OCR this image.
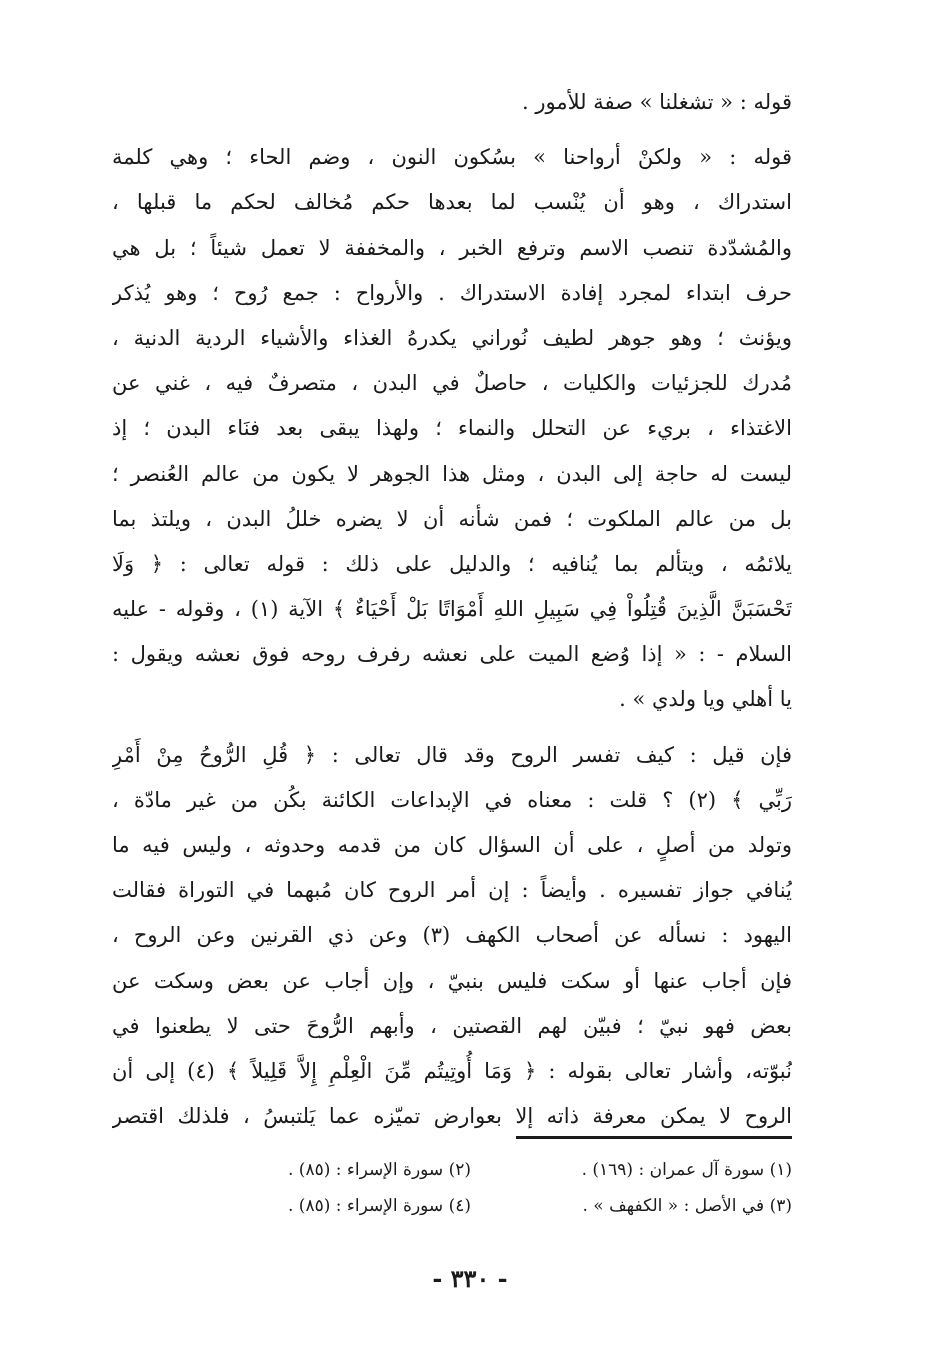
قوله : « تشغلنا » صفة للأمور .
قوله : « ولكنْ أرواحنا » بسُكون النون ، وضم الحاء ؛ وهي كلمة
استدراك ، وهو أن يُنْسب لما بعدها حكم مُخالف لحكم ما قبلها ،
والمُشدّدة تنصب الاسم وترفع الخبر ، والمخففة لا تعمل شيئاً ؛ بل هي
حرف ابتداء لمجرد إفادة الاستدراك . والأرواح : جمع رُوح ؛ وهو يُذكر
ويؤنث ؛ وهو جوهر لطيف نُوراني يكدرهُ الغذاء والأشياء الردية الدنية ،
مُدرك للجزئيات والكليات ، حاصلٌ في البدن ، متصرفٌ فيه ، غني عن
الاغتذاء ، بريء عن التحلل والنماء ؛ ولهذا يبقى بعد فنَاء البدن ؛ إذ
ليست له حاجة إلى البدن ، ومثل هذا الجوهر لا يكون من عالم العُنصر ؛
بل من عالم الملكوت ؛ فمن شأنه أن لا يضره خللُ البدن ، ويلتذ بما
يلائمُه ، ويتألم بما يُنافيه ؛ والدليل على ذلك : قوله تعالى : ﴿ وَلَا
تَحْسَبَنَّ الَّذِينَ قُتِلُواْ فِي سَبِيلِ اللهِ أَمْوَاتًا بَلْ أَحْيَاءٌ ﴾ الآية (١) ، وقوله - عليه
السلام - : « إذا وُضع الميت على نعشه رفرف روحه فوق نعشه ويقول :
يا أهلي ويا ولدي » .
فإن قيل : كيف تفسر الروح وقد قال تعالى : ﴿ قُلِ الرُّوحُ مِنْ أَمْرِ
رَبِّي ﴾ (٢) ؟ قلت : معناه في الإبداعات الكائنة بكُن من غير مادّة ،
وتولد من أصلٍ ، على أن السؤال كان من قدمه وحدوثه ، وليس فيه ما
يُنافي جواز تفسيره . وأيضاً : إن أمر الروح كان مُبهما في التوراة فقالت
اليهود : نسأله عن أصحاب الكهف (٣) وعن ذي القرنين وعن الروح ،
فإن أجاب عنها أو سكت فليس بنبيّ ، وإن أجاب عن بعض وسكت عن
بعض فهو نبيّ ؛ فبيّن لهم القصتين ، وأبهم الرُّوحَ حتى لا يطعنوا في
نُبوّته، وأشار تعالى بقوله : ﴿ وَمَا أُوتِيتُم مِّنَ الْعِلْمِ إِلاَّ قَلِيلاً ﴾ (٤) إلى أن
الروح لا يمكن معرفة ذاته إلا بعوارض تميّزه عما يَلتبسُ ، فلذلك اقتصر
(١) سورة آل عمران : (١٦٩) .
(٢) سورة الإسراء : (٨٥) .
(٣) في الأصل : « الكفهف » .
(٤) سورة الإسراء : (٨٥) .
- ٣٣٠ -
